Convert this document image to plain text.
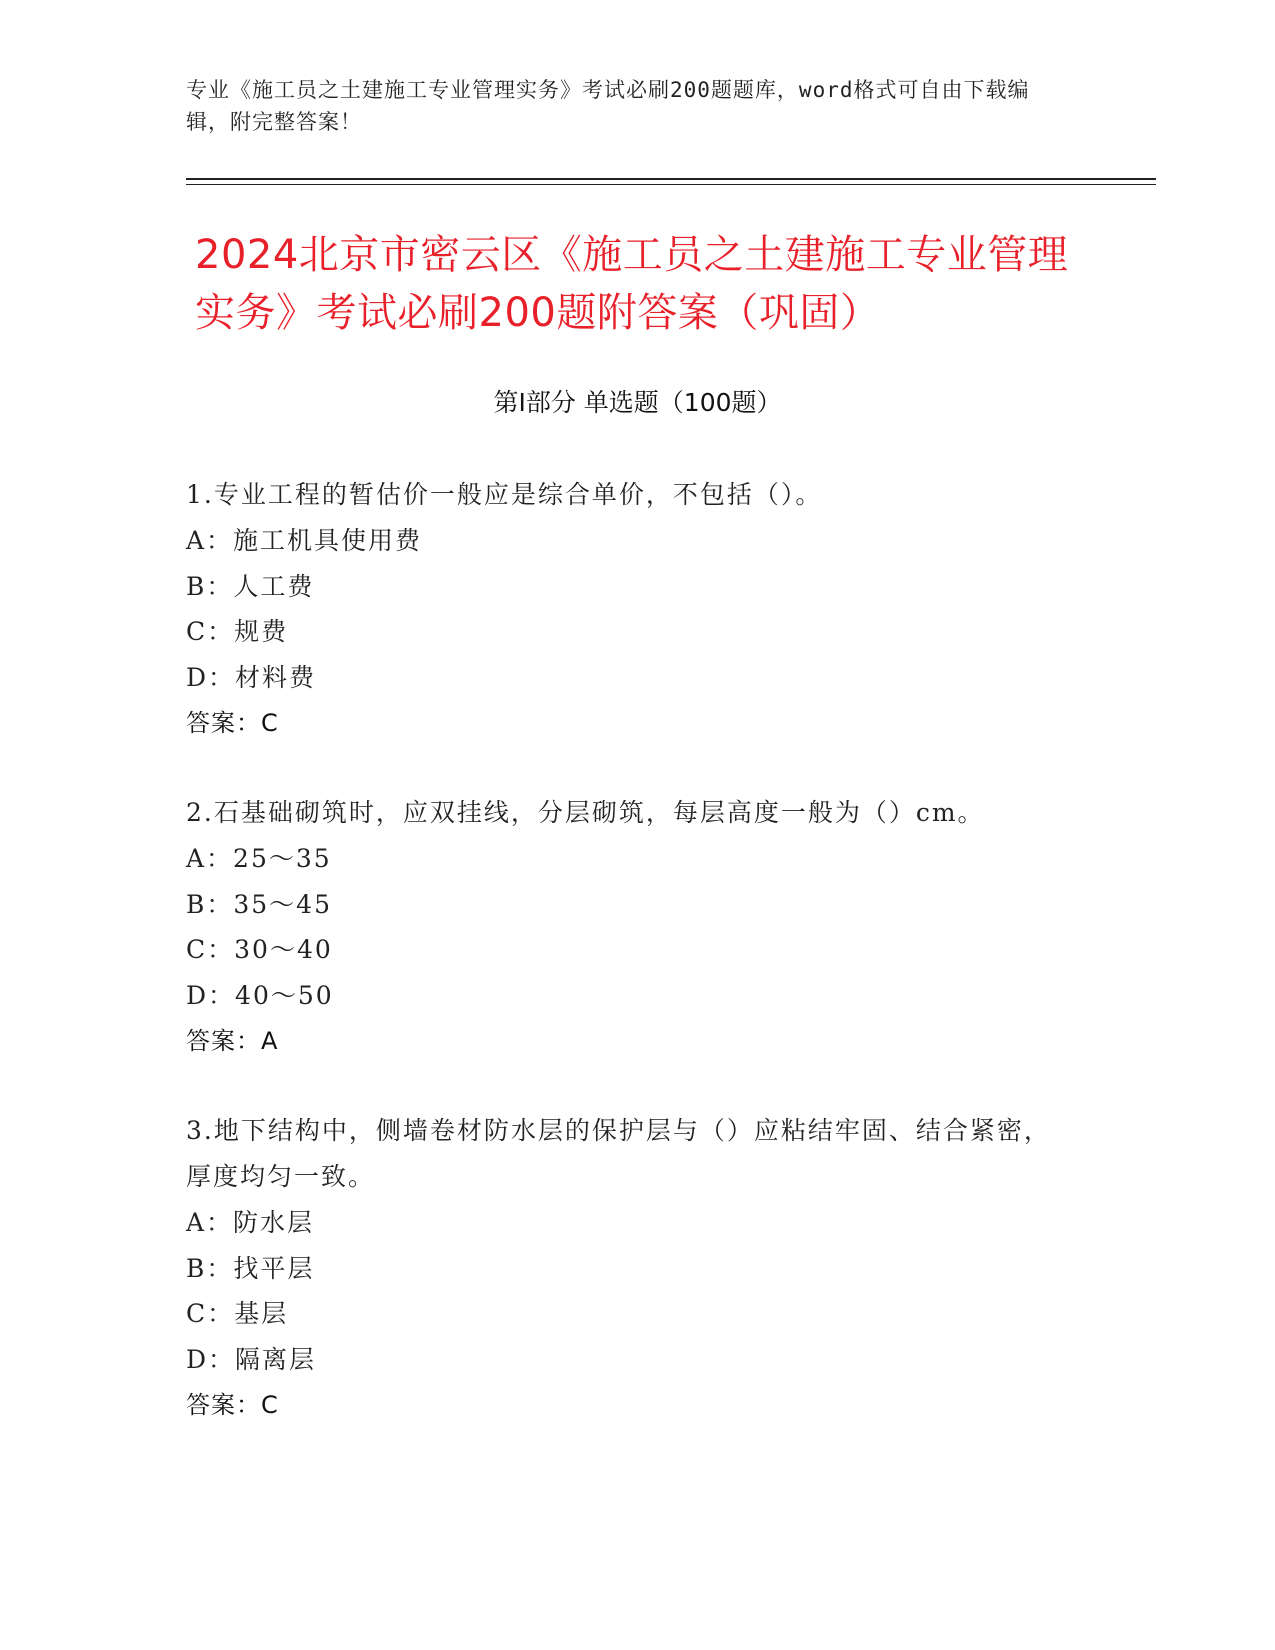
专业《施工员之土建施工专业管理实务》考试必刷200题题库，word格式可自由下载编辑，附完整答案！
2024北京市密云区《施工员之土建施工专业管理实务》考试必刷200题附答案（巩固）
第I部分 单选题（100题）
1.专业工程的暂估价一般应是综合单价，不包括（）。
A：施工机具使用费
B：人工费
C：规费
D：材料费
答案：C
2.石基础砌筑时，应双挂线，分层砌筑，每层高度一般为（）cm。
A：25～35
B：35～45
C：30～40
D：40～50
答案：A
3.地下结构中，侧墙卷材防水层的保护层与（）应粘结牢固、结合紧密，厚度均匀一致。
A：防水层
B：找平层
C：基层
D：隔离层
答案：C
